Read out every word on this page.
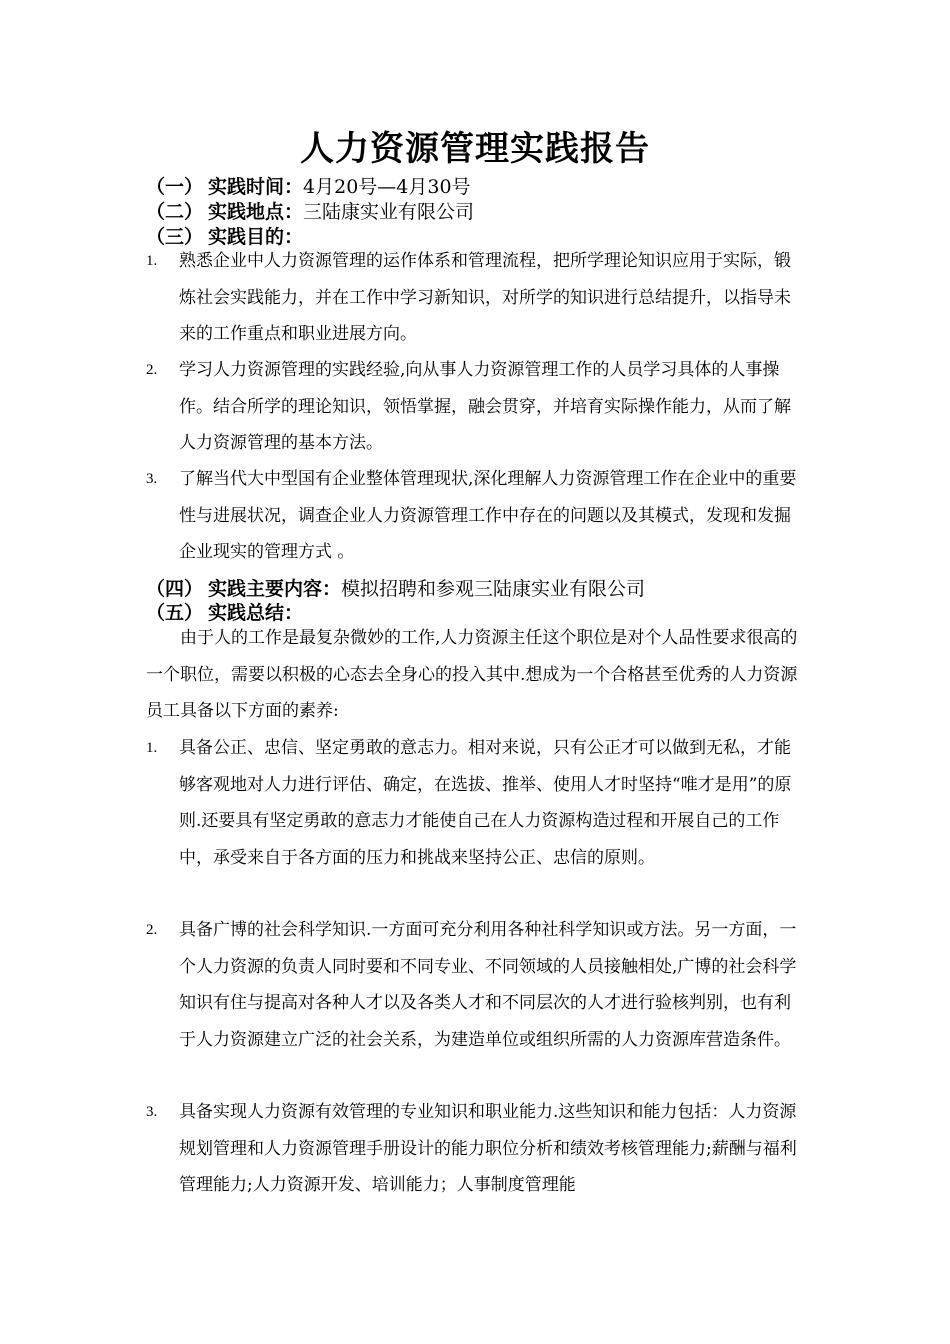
人力资源管理实践报告
（一） 实践时间：4月20号—4月30号
（二） 实践地点：三陆康实业有限公司
（三） 实践目的：
1.	熟悉企业中人力资源管理的运作体系和管理流程，把所学理论知识应用于实际，锻炼社会实践能力，并在工作中学习新知识，对所学的知识进行总结提升，以指导未来的工作重点和职业进展方向。
2.	学习人力资源管理的实践经验,向从事人力资源管理工作的人员学习具体的人事操作。结合所学的理论知识，领悟掌握，融会贯穿，并培育实际操作能力，从而了解人力资源管理的基本方法。
3.	了解当代大中型国有企业整体管理现状,深化理解人力资源管理工作在企业中的重要性与进展状况，调查企业人力资源管理工作中存在的问题以及其模式，发现和发掘企业现实的管理方式 。
（四） 实践主要内容：模拟招聘和参观三陆康实业有限公司
（五） 实践总结：
由于人的工作是最复杂微妙的工作,人力资源主任这个职位是对个人品性要求很高的一个职位，需要以积极的心态去全身心的投入其中.想成为一个合格甚至优秀的人力资源员工具备以下方面的素养:
1.	具备公正、忠信、坚定勇敢的意志力。相对来说，只有公正才可以做到无私，才能够客观地对人力进行评估、确定，在选拔、推举、使用人才时坚持“唯才是用”的原则.还要具有坚定勇敢的意志力才能使自己在人力资源构造过程和开展自己的工作中，承受来自于各方面的压力和挑战来坚持公正、忠信的原则。
2.	具备广博的社会科学知识.一方面可充分利用各种社科学知识或方法。另一方面，一个人力资源的负责人同时要和不同专业、不同领域的人员接触相处,广博的社会科学知识有住与提高对各种人才以及各类人才和不同层次的人才进行验核判别，也有利于人力资源建立广泛的社会关系，为建造单位或组织所需的人力资源库营造条件。
3.	具备实现人力资源有效管理的专业知识和职业能力.这些知识和能力包括：人力资源规划管理和人力资源管理手册设计的能力职位分析和绩效考核管理能力;薪酬与福利管理能力;人力资源开发、培训能力；人事制度管理能
